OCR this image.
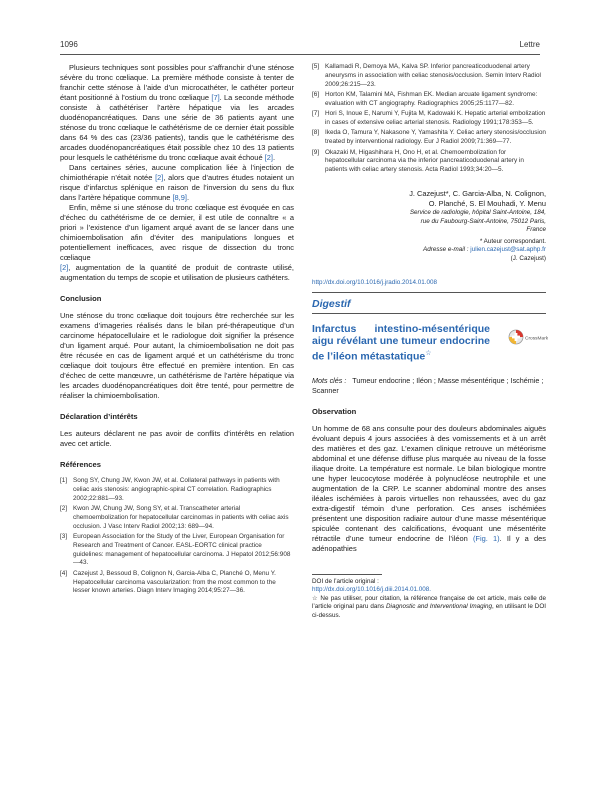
1096	Lettre

Plusieurs techniques sont possibles pour s’affranchir d’une sténose sévère du tronc cœliaque. La première méthode consiste à tenter de franchir cette sténose à l’aide d’un microcathéter, le cathéter porteur étant positionné à l’ostium du tronc cœliaque [7]. La seconde méthode consiste à cathétériser l’artère hépatique via les arcades duodénopancréatiques. Dans une série de 36 patients ayant une sténose du tronc cœliaque le cathétérisme de ce dernier était possible dans 64 % des cas (23/36 patients), tandis que le cathétérisme des arcades duodénopancréatiques était possible chez 10 des 13 patients pour lesquels le cathétérisme du tronc cœliaque avait échoué [2].

Dans certaines séries, aucune complication liée à l’injection de chimiothérapie n’était notée [2], alors que d’autres études notaient un risque d’infarctus splénique en raison de l’inversion du sens du flux dans l’artère hépatique commune [8,9].

Enfin, même si une sténose du tronc cœliaque est évoquée en cas d’échec du cathétérisme de ce dernier, il est utile de connaître « a priori » l’existence d’un ligament arqué avant de se lancer dans une chimioembolisation afin d’éviter des manipulations longues et potentiellement inefficaces, avec risque de dissection du tronc cœliaque
[2], augmentation de la quantité de produit de contraste utilisé, augmentation du temps de scopie et utilisation de plusieurs cathéters.

Conclusion

Une sténose du tronc cœliaque doit toujours être recherchée sur les examens d’imageries réalisés dans le bilan pré-thérapeutique d’un carcinome hépatocellulaire et le radiologue doit signifier la présence d’un ligament arqué. Pour autant, la chimioembolisation ne doit pas être récusée en cas de ligament arqué et un cathétérisme du tronc cœliaque doit toujours être effectué en première intention. En cas d’échec de cette manœuvre, un cathétérisme de l’artère hépatique via les arcades duodénopancréatiques doit être tenté, pour permettre de réaliser la chimioembolisation.

Déclaration d’intérêts

Les auteurs déclarent ne pas avoir de conflits d’intérêts en relation avec cet article.

Références
[1] Song SY, Chung JW, Kwon JW, et al. Collateral pathways in patients with celiac axis stenosis: angiographic-spiral CT correlation. Radiographics 2002;22:881—93.
[2] Kwon JW, Chung JW, Song SY, et al. Transcatheter arterial chemoembolization for hepatocellular carcinomas in patients with celiac axis occlusion. J Vasc Interv Radiol 2002;13: 689—94.
[3] European Association for the Study of the Liver, European Organisation for Research and Treatment of Cancer. EASL-EORTC clinical practice guidelines: management of hepatocellular carcinoma. J Hepatol 2012;56:908—43.
[4] Cazejust J, Bessoud B, Colignon N, Garcia-Alba C, Planché O, Menu Y. Hepatocellular carcinoma vascularization: from the most common to the lesser known arteries. Diagn Interv Imaging 2014;95:27—36.
[5] Kallamadi R, Demoya MA, Kalva SP. Inferior pancreaticoduodenal artery aneurysms in association with celiac stenosis/occlusion. Semin Interv Radiol 2009;26:215—23.
[6] Horton KM, Talamini MA, Fishman EK. Median arcuate ligament syndrome: evaluation with CT angiography. Radiographics 2005;25:1177—82.
[7] Hori S, Inoue E, Narumi Y, Fujita M, Kadowaki K. Hepatic arterial embolization in cases of extensive celiac arterial stenosis. Radiology 1991;178:353—5.
[8] Ikeda O, Tamura Y, Nakasone Y, Yamashita Y. Celiac artery stenosis/occlusion treated by interventional radiology. Eur J Radiol 2009;71:369—77.
[9] Okazaki M, Higashihara H, Ono H, et al. Chemoembolization for hepatocellular carcinoma via the inferior pancreaticoduodenal artery in patients with celiac artery stenosis. Acta Radiol 1993;34:20—5.
J. Cazejust*, C. Garcia-Alba, N. Colignon,
O. Planché, S. El Mouhadi, Y. Menu
Service de radiologie, hôpital Saint-Antoine, 184,
rue du Faubourg-Saint-Antoine, 75012 Paris,
France
* Auteur correspondant.
Adresse e-mail : julien.cazejust@sat.aphp.fr
(J. Cazejust)
http://dx.doi.org/10.1016/j.jradio.2014.01.008
Digestif
Infarctus intestino-mésentérique aigu révélant une tumeur endocrine de l’iléon métastatique☆
CrossMark
Mots clés : Tumeur endocrine ; Iléon ; Masse mésentérique ; Ischémie ; Scanner
Observation

Un homme de 68 ans consulte pour des douleurs abdominales aiguës évoluant depuis 4 jours associées à des vomissements et à un arrêt des matières et des gaz. L’examen clinique retrouve un météorisme abdominal et une défense diffuse plus marquée au niveau de la fosse iliaque droite. La température est normale. Le bilan biologique montre une hyper leucocytose modérée à polynucléose neutrophile et une augmentation de la CRP. Le scanner abdominal montre des anses iléales ischémiées à parois virtuelles non rehaussées, avec du gaz extra-digestif témoin d’une perforation. Ces anses ischémiées présentent une disposition radiaire autour d’une masse mésentérique spiculée contenant des calcifications, évoquant une mésentérite rétractile d’une tumeur endocrine de l’iléon (Fig. 1). Il y a des adénopathies

DOI de l’article original :
http://dx.doi.org/10.1016/j.diii.2014.01.008.
☆ Ne pas utiliser, pour citation, la référence française de cet article, mais celle de l’article original paru dans Diagnostic and Interventional Imaging, en utilisant le DOI ci-dessus.
